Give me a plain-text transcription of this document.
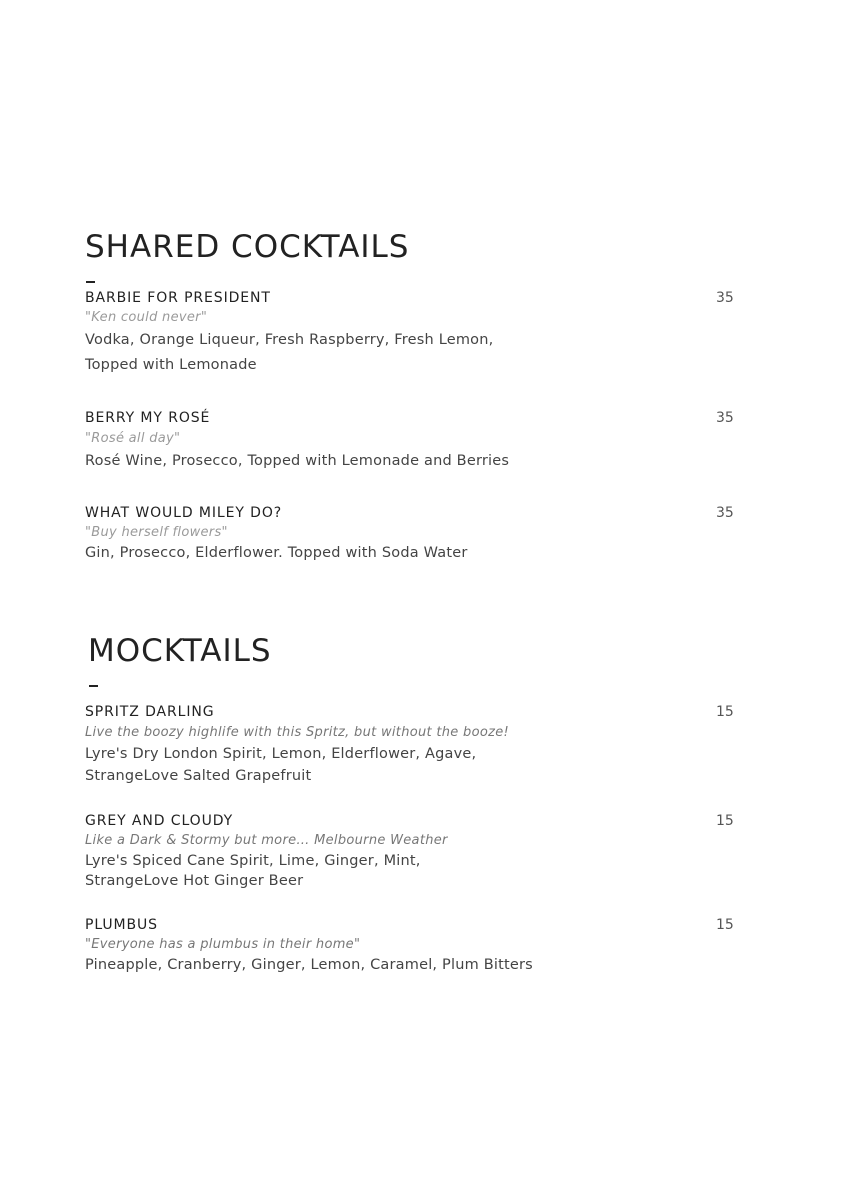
SHARED COCKTAILS
BARBIE FOR PRESIDENT	35
"Ken could never"
Vodka, Orange Liqueur, Fresh Raspberry, Fresh Lemon,
Topped with Lemonade
BERRY MY ROSÉ	35
"Rosé all day"
Rosé Wine, Prosecco, Topped with Lemonade and Berries
WHAT WOULD MILEY DO?	35
"Buy herself flowers"
Gin, Prosecco, Elderflower. Topped with Soda Water
MOCKTAILS
SPRITZ DARLING	15
Live the boozy highlife with this Spritz, but without the booze!
Lyre's Dry London Spirit, Lemon, Elderflower, Agave,
StrangeLove Salted Grapefruit
GREY AND CLOUDY	15
Like a Dark & Stormy but more… Melbourne Weather
Lyre's Spiced Cane Spirit, Lime, Ginger, Mint,
StrangeLove Hot Ginger Beer
PLUMBUS	15
"Everyone has a plumbus in their home"
Pineapple, Cranberry, Ginger, Lemon, Caramel, Plum Bitters
